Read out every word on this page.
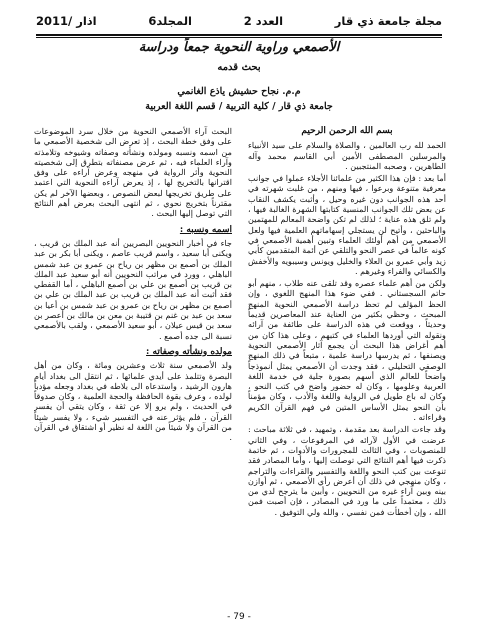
مجلة جامعة ذي قار
العدد 2
المجلد6
اذار /2011
الأصمعي وراوية النحوية جمعاً ودراسة
بحث قدمه
م.م. نجاح حشيش ياذع الغانمي
جامعة ذي قار / كلية التربية / قسم اللغة العربية

بسم الله الرحمن الرحيم

الحمد لله رب العالمين ، والصلاة والسلام على سيد الأنبياء والمرسلين المصطفى الأمين أبي القاسم محمد وآله الطاهرين ، وصحبه المنتجبين .

أما بعد : فإن هذا الكثير من علمائنا الأجلاء عملوا في جوانب معرفية متنوعة وبرعوا ، فيها ومنهم ، من غلبت شهرته في أحد هذه الجوانب دون غيره وحيل ، وأثبت يكشف النقاب عن بعض تلك الجوانب المنسية كتابتها الشهرة الغالبة فيها ، ولم تلق هذه عناية ؛ لذلك لم تكن واضحة المعالم للمهتمين والباحثين ، وأتيح لن يستجلي إسهاماتهم العلمية فيها ولعل الأصمعي من أهم أولئك العلماء وتبين أهمية الأصمعي في كونه عالماً في عصر النحو والتلقي عن أئمة المتقدمين كأبي زيد وأبي عمرو بن العلاء والخليل ويونس وسيبويه والأخفش والكسائي والفراء وغيرهم .

ولكن من أهم علماء عصره وقد تلقى عنه طلاب ، منهم أبو حاتم السجستاني . ففي ضوء هذا المنهج اللغوي ، وإن الحظ المؤلف لم تحظ دراسة الأصمعي النحوية المنهج المبحث ، وحظي بكثير من العناية عند المعاصرين قديماً وحديثاً ، ووقعت في هذه الدراسة على طائفة من آرائه ونقوله التي أوردها العلماء في كتبهم ، وعلى هذا كان من أهم أغراض هذا البحث أن يجمع آثار الأصمعي النحوية ويصنفها ، ثم يدرسها دراسة علمية ، متبعاً في ذلك المنهج الوصفي التحليلي ، فقد وجدت أن الأصمعي يمثل أنموذجاً واضحاً للعالم الذي أسهم بصورة جلية في خدمة اللغة العربية وعلومها ، وكان له حضور واضح في كتب النحو ، وكان له باع طويل في الرواية واللغة والأدب ، وكان مؤمناً بأن النحو يمثل الأساس المتين في فهم القرآن الكريم وقراءاته .

وقد جاءت الدراسة بعد مقدمة ، وتمهيد ، في ثلاثة مباحث : عرضت في الأول لآرائه في المرفوعات ، وفي الثاني للمنصوبات ، وفي الثالث للمجرورات والأدوات ، ثم خاتمة ذكرت فيها أهم النتائج التي توصلت إليها ، وأما المصادر فقد تنوعت بين كتب النحو واللغة والتفسير والقراءات والتراجم ، وكان منهجي في ذلك أن أعرض رأي الأصمعي ، ثم أوازن بينه وبين آراء غيره من النحويين ، وأبين ما يترجح لدي من ذلك ، معتمداً على ما ورد في المصادر ، فإن أصبت فمن الله ، وإن أخطأت فمن نفسي ، والله ولي التوفيق .

البحث آراء الأصمعي النحوية من خلال سرد الموضوعات على وفق خطة البحث ، إذ تعرض الى شخصية الأصمعي ما من اسمه ونسبه ومولده ونشأته وصفاته وشيوخه وتلامذته وآراء العلماء فيه ، ثم عرض مصنفاته بتطرق إلى شخصيته النحوية وأثر الرواية في منهجه وعرض آراءه على وفق اقترانها بالتخريج لها ، إذ يعرض آراءه النحوية التي اعتمد على طريق تخريجها لبعض النصوص ، وبعضها الآخر لم يكن مقترناً بتخريج نحوي ، ثم انتهى البحث بعرض أهم النتائج التي توصل إليها البحث .

اسمه ونسبه :

جاء في أخبار النحويين البصريين أنه عبد الملك بن قريب ، ويكنى أبا سعيد ، واسم قريب عاصم ، ويكنى أبا بكر بن عبد الملك بن أصمع بن مظهر بن رياح بن عمرو بن عبد شمس الباهلي ، وورد في مراتب النحويين أنه أبو سعيد عبد الملك بن قريب بن أصمع بن علي بن أصمع الباهلي ، أما القفطي فقد أثبت أنه عبد الملك بن قريب بن عبد الملك بن علي بن أصمع بن مظهر بن رياح بن عمرو بن عبد شمس بن أعيا بن سعد بن عبد بن غنم بن قتيبة بن معن بن مالك بن أعصر بن سعد بن قيس عيلان ، أبو سعيد الأصمعي ، ولقب بالأصمعي نسبة الى جده أصمع .

مولده ونشأته وصفاته :

ولد الأصمعي سنة ثلاث وعشرين ومائة ، وكان من أهل البصرة وتتلمذ على أيدي علمائها ، ثم انتقل الى بغداد أيام هارون الرشيد ، واستدعاه الى بلاطه في بغداد وجعله مؤدباً لولده ، وعرف بقوة الحافظة والحجة العلمية ، وكان صدوقاً في الحديث ، ولم يرو إلا عن ثقة ، وكان يتقي أن يفسر القرآن ، فلم يؤثر عنه في التفسير شيء ، ولا يفسر شيئاً من القرآن ولا شيئاً من اللغة له نظير أو اشتقاق في القرآن .

- 79 -
